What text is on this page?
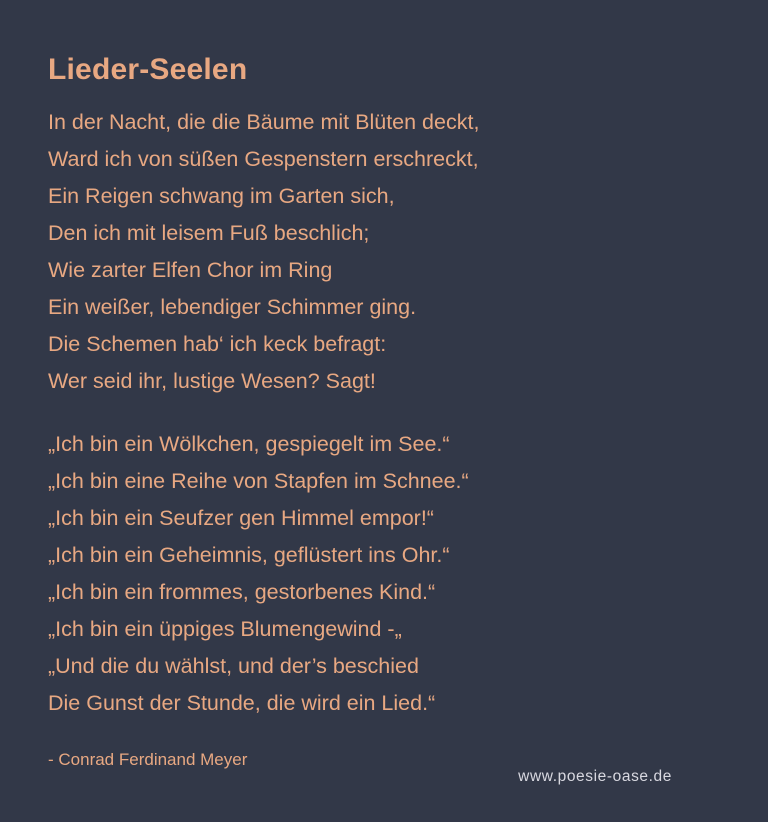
Lieder-Seelen
In der Nacht, die die Bäume mit Blüten deckt,
Ward ich von süßen Gespenstern erschreckt,
Ein Reigen schwang im Garten sich,
Den ich mit leisem Fuß beschlich;
Wie zarter Elfen Chor im Ring
Ein weißer, lebendiger Schimmer ging.
Die Schemen hab‘ ich keck befragt:
Wer seid ihr, lustige Wesen? Sagt!
„Ich bin ein Wölkchen, gespiegelt im See.“
„Ich bin eine Reihe von Stapfen im Schnee.“
„Ich bin ein Seufzer gen Himmel empor!“
„Ich bin ein Geheimnis, geflüstert ins Ohr.“
„Ich bin ein frommes, gestorbenes Kind.“
„Ich bin ein üppiges Blumengewind -„
„Und die du wählst, und der’s beschied
Die Gunst der Stunde, die wird ein Lied.“
- Conrad Ferdinand Meyer
www.poesie-oase.de
